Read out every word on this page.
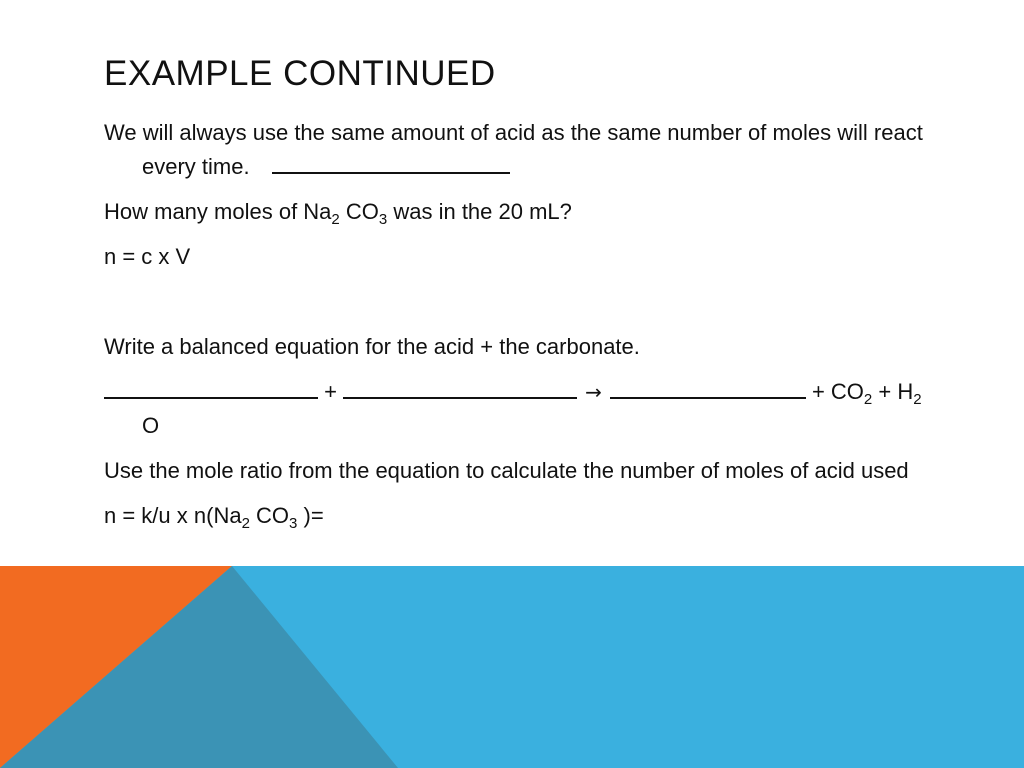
EXAMPLE CONTINUED

We will always use the same amount of acid as the same number of moles will react every time.

How many moles of $Na_2$ $CO_3$ was in the 20 mL?

n = c x V

Write a balanced equation for the acid + the carbonate.

+	→	+ $CO_2 + H_2$ O

Use the mole ratio from the equation to calculate the number of moles of acid used

n = k/u x $n(Na_2$ $CO_3$ )=
